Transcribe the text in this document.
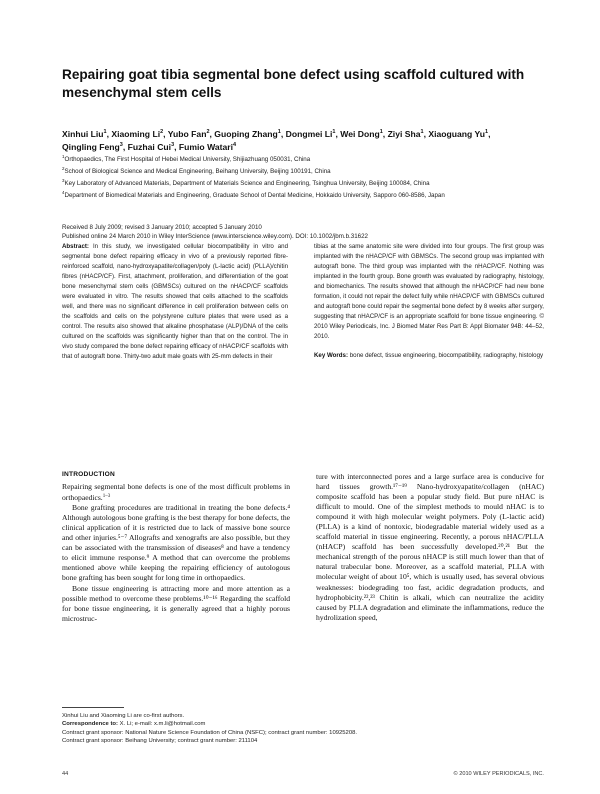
Repairing goat tibia segmental bone defect using scaffold cultured with mesenchymal stem cells
Xinhui Liu$^1$, Xiaoming Li$^2$, Yubo Fan$^2$, Guoping Zhang$^1$, Dongmei Li$^1$, Wei Dong$^1$, Ziyi Sha$^1$, Xiaoguang Yu$^1$, Qingling Feng$^3$, Fuzhai Cui$^3$, Fumio Watari$^4$

$^1$Orthopaedics, The First Hospital of Hebei Medical University, Shijiazhuang 050031, China

$^2$School of Biological Science and Medical Engineering, Beihang University, Beijing 100191, China

$^3$Key Laboratory of Advanced Materials, Department of Materials Science and Engineering, Tsinghua University, Beijing 100084, China

$^4$Department of Biomedical Materials and Engineering, Graduate School of Dental Medicine, Hokkaido University, Sapporo 060-8586, Japan

Received 8 July 2009; revised 3 January 2010; accepted 5 January 2010

Published online 24 March 2010 in Wiley InterScience (www.interscience.wiley.com). DOI: 10.1002/jbm.b.31622

Abstract: In this study, we investigated cellular biocompatibility in vitro and segmental bone defect repairing efficacy in vivo of a previously reported fibre-reinforced scaffold, nano-hydroxyapatite/collagen/poly (L-lactic acid) (PLLA)/chitin fibres (nHACP/CF). First, attachment, proliferation, and differentiation of the goat bone mesenchymal stem cells (GBMSCs) cultured on the nHACP/CF scaffolds were evaluated in vitro. The results showed that cells attached to the scaffolds well, and there was no significant difference in cell proliferation between cells on the scaffolds and cells on the polystyrene culture plates that were used as a control. The results also showed that alkaline phosphatase (ALP)/DNA of the cells cultured on the scaffolds was significantly higher than that on the control. The in vivo study compared the bone defect repairing efficacy of nHACP/CF scaffolds with that of autograft bone. Thirty-two adult male goats with 25-mm defects in their
tibias at the same anatomic site were divided into four groups. The first group was implanted with the nHACP/CF with GBMSCs. The second group was implanted with autograft bone. The third group was implanted with the nHACP/CF. Nothing was implanted in the fourth group. Bone growth was evaluated by radiography, histology, and biomechanics. The results showed that although the nHACP/CF had new bone formation, it could not repair the defect fully while nHACP/CF with GBMSCs cultured and autograft bone could repair the segmental bone defect by 8 weeks after surgery, suggesting that nHACP/CF is an appropriate scaffold for bone tissue engineering. © 2010 Wiley Periodicals, Inc. J Biomed Mater Res Part B: Appl Biomater 94B: 44–52, 2010.
Key Words: bone defect, tissue engineering, biocompatibility, radiography, histology
INTRODUCTION

Repairing segmental bone defects is one of the most difficult problems in orthopaedics.$^{1-3}$

Bone grafting procedures are traditional in treating the bone defects.⁴ Although autologous bone grafting is the best therapy for bone defects, the clinical application of it is restricted due to lack of massive bone source and other injuries.⁵⁻⁷ Allografts and xenografts are also possible, but they can be associated with the transmission of diseases⁸ and have a tendency to elicit immune response.⁹ A method that can overcome the problems mentioned above while keeping the repairing efficiency of autologous bone grafting has been sought for long time in orthopaedics.

Bone tissue engineering is attracting more and more attention as a possible method to overcome these problems.¹⁰⁻¹⁶ Regarding the scaffold for bone tissue engineering, it is generally agreed that a highly porous microstruc-

ture with interconnected pores and a large surface area is conducive for hard tissues growth.¹⁷⁻¹⁹ Nano-hydroxyapatite/collagen (nHAC) composite scaffold has been a popular study field. But pure nHAC is difficult to mould. One of the simplest methods to mould nHAC is to compound it with high molecular weight polymers. Poly (L-lactic acid) (PLLA) is a kind of nontoxic, biodegradable material widely used as a scaffold material in tissue engineering. Recently, a porous nHAC/PLLA (nHACP) scaffold has been successfully developed.²⁰,²¹ But the mechanical strength of the porous nHACP is still much lower than that of natural trabecular bone. Moreover, as a scaffold material, PLLA with molecular weight of about 10⁵, which is usually used, has several obvious weaknesses: biodegrading too fast, acidic degradation products, and hydrophobicity.²²,²³ Chitin is alkali, which can neutralize the acidity caused by PLLA degradation and eliminate the inflammations, reduce the hydrolization speed,

Xinhui Liu and Xiaoming Li are co-first authors.

Correspondence to: X. Li; e-mail: x.m.li@hotmail.com

Contract grant sponsor: National Nature Science Foundation of China (NSFC); contract grant number: 10925208.

Contract grant sponsor: Beihang University; contract grant number: 211104

44	© 2010 WILEY PERIODICALS, INC.
